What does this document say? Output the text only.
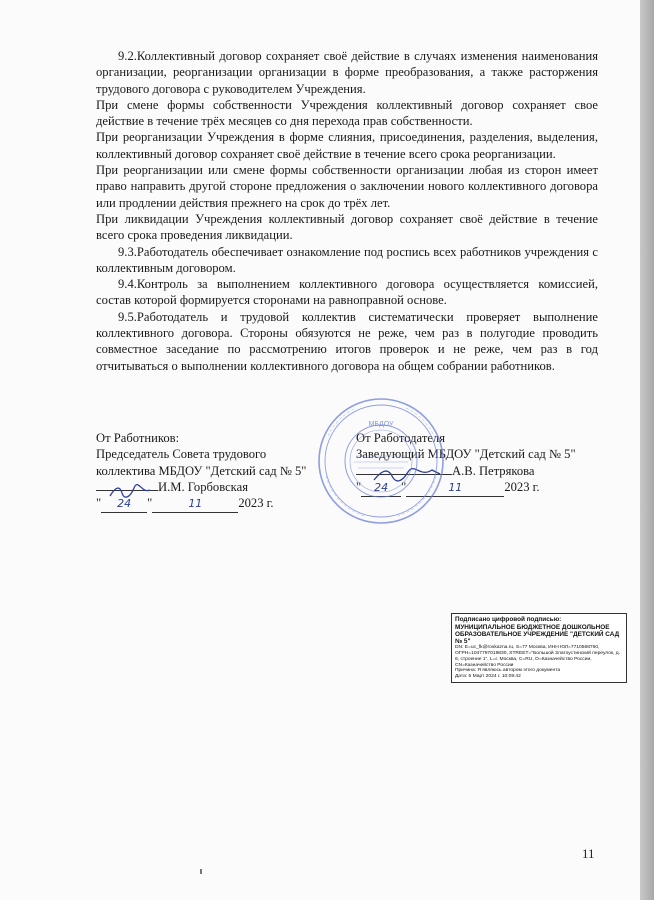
9.2.Коллективный договор сохраняет своё действие в случаях изменения наименования организации, реорганизации организации в форме преобразования, а также расторжения трудового договора с руководителем Учреждения.

При смене формы собственности Учреждения коллективный договор сохраняет свое действие в течение трёх месяцев со дня перехода прав собственности.

При реорганизации Учреждения в форме слияния, присоединения, разделения, выделения, коллективный договор сохраняет своё действие в течение всего срока реорганизации.

При реорганизации или смене формы собственности организации любая из сторон имеет право направить другой стороне предложения о заключении нового коллективного договора или продлении действия прежнего на срок до трёх лет.

При ликвидации Учреждения коллективный договор сохраняет своё действие в течение всего срока проведения ликвидации.

9.3.Работодатель обеспечивает ознакомление под роспись всех работников учреждения с коллективным договором.

9.4.Контроль за выполнением коллективного договора осуществляется комиссией, состав которой формируется сторонами на равноправной основе.

9.5.Работодатель и трудовой коллектив систематически проверяет выполнение коллективного договора. Стороны обязуются не реже, чем раз в полугодие проводить совместное заседание по рассмотрению итогов проверок и не реже, чем раз в год отчитываться о выполнении коллективного договора на общем собрании работников.

От Работников:
Председатель Совета трудового
коллектива МБДОУ "Детский сад № 5"
И.М. Горбовская
" 24 "	11	2023 г.
От Работодателя
Заведующий МБДОУ "Детский сад № 5"
А.В. Петрякова
" 24 "	11	2023 г.
МБДОУ
Подписано цифровой подписью:
МУНИЦИПАЛЬНОЕ БЮДЖЕТНОЕ ДОШКОЛЬНОЕ ОБРАЗОВАТЕЛЬНОЕ УЧРЕЖДЕНИЕ "ДЕТСКИЙ САД № 5"
DN: E=uc_fk@roskazna.ru, S=77 Москва, ИНН ЮЛ=7710568760, ОГРН=1047797019830, STREET="Большой Златоустинский переулок, д. 6, строение 1", L=г. Москва, C=RU, O=Казначейство России, CN=Казначейство России
Причина: Я являюсь автором этого документа
Дата: 5 Март 2024 г. 10:09:42
11
